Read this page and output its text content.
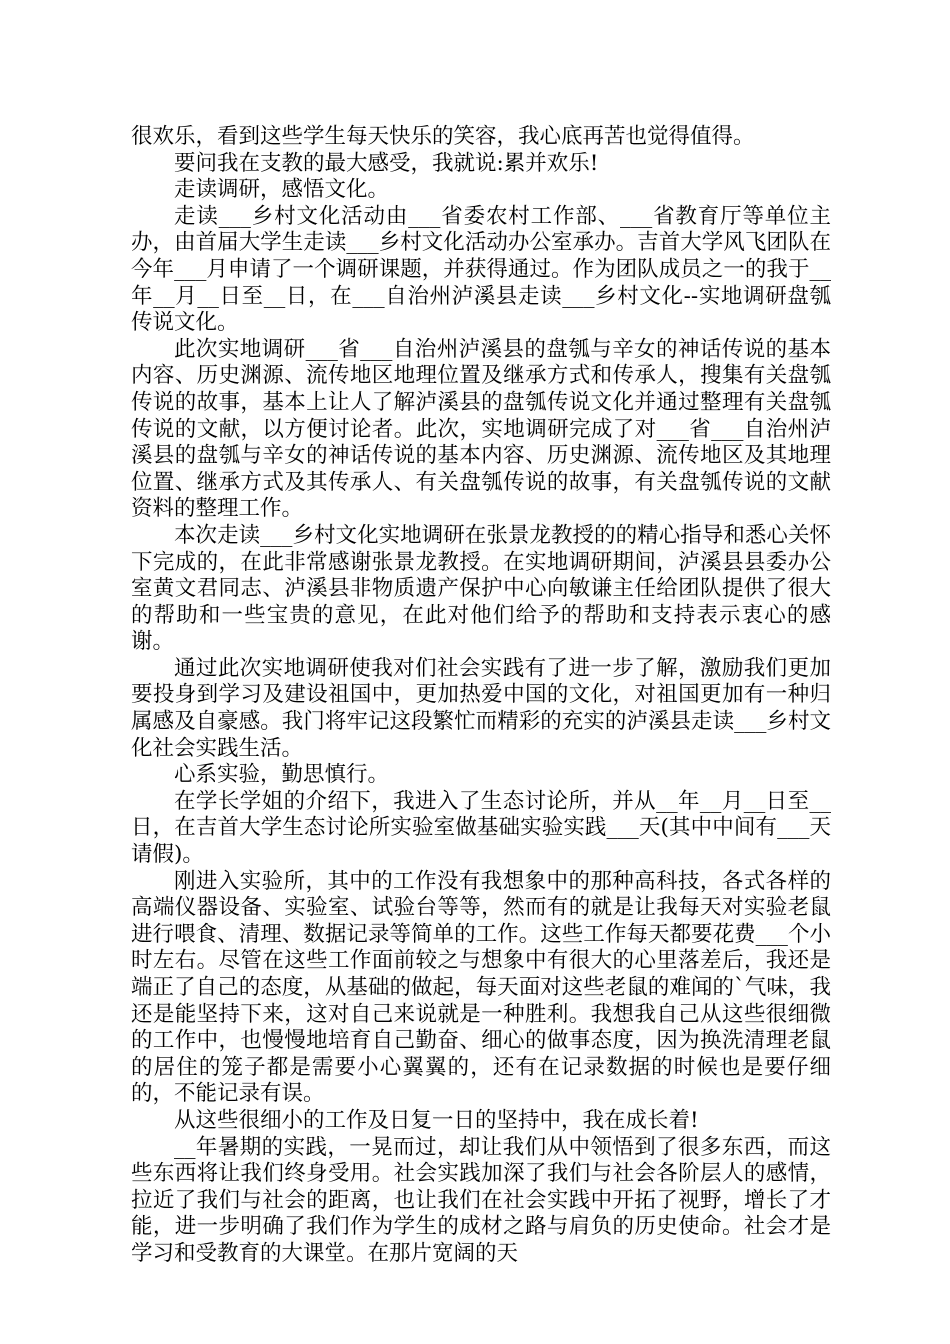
很欢乐，看到这些学生每天快乐的笑容，我心底再苦也觉得值得。

要问我在支教的最大感受，我就说:累并欢乐!

走读调研，感悟文化。

走读___乡村文化活动由___省委农村工作部、___省教育厅等单位主办，由首届大学生走读___乡村文化活动办公室承办。吉首大学风飞团队在今年___月申请了一个调研课题，并获得通过。作为团队成员之一的我于__年__月__日至__日，在___自治州泸溪县走读___乡村文化--实地调研盘瓠传说文化。

此次实地调研___省___自治州泸溪县的盘瓠与辛女的神话传说的基本内容、历史渊源、流传地区地理位置及继承方式和传承人，搜集有关盘瓠传说的故事，基本上让人了解泸溪县的盘瓠传说文化并通过整理有关盘瓠传说的文献，以方便讨论者。此次，实地调研完成了对___省___自治州泸溪县的盘瓠与辛女的神话传说的基本内容、历史渊源、流传地区及其地理位置、继承方式及其传承人、有关盘瓠传说的故事，有关盘瓠传说的文献资料的整理工作。

本次走读___乡村文化实地调研在张景龙教授的的精心指导和悉心关怀下完成的，在此非常感谢张景龙教授。在实地调研期间，泸溪县县委办公室黄文君同志、泸溪县非物质遗产保护中心向敏谦主任给团队提供了很大的帮助和一些宝贵的意见，在此对他们给予的帮助和支持表示衷心的感谢。

通过此次实地调研使我对们社会实践有了进一步了解，激励我们更加要投身到学习及建设祖国中，更加热爱中国的文化，对祖国更加有一种归属感及自豪感。我门将牢记这段繁忙而精彩的充实的泸溪县走读___乡村文化社会实践生活。

心系实验，勤思慎行。

在学长学姐的介绍下，我进入了生态讨论所，并从__年__月__日至__日，在吉首大学生态讨论所实验室做基础实验实践___天(其中中间有___天请假)。

刚进入实验所，其中的工作没有我想象中的那种高科技，各式各样的高端仪器设备、实验室、试验台等等，然而有的就是让我每天对实验老鼠进行喂食、清理、数据记录等简单的工作。这些工作每天都要花费___个小时左右。尽管在这些工作面前较之与想象中有很大的心里落差后，我还是端正了自己的态度，从基础的做起，每天面对这些老鼠的难闻的`气味，我还是能坚持下来，这对自己来说就是一种胜利。我想我自己从这些很细微的工作中，也慢慢地培育自己勤奋、细心的做事态度，因为换洗清理老鼠的居住的笼子都是需要小心翼翼的，还有在记录数据的时候也是要仔细的，不能记录有误。

从这些很细小的工作及日复一日的坚持中，我在成长着!

__年暑期的实践，一晃而过，却让我们从中领悟到了很多东西，而这些东西将让我们终身受用。社会实践加深了我们与社会各阶层人的感情，拉近了我们与社会的距离，也让我们在社会实践中开拓了视野，增长了才能，进一步明确了我们作为学生的成材之路与肩负的历史使命。社会才是学习和受教育的大课堂。在那片宽阔的天
